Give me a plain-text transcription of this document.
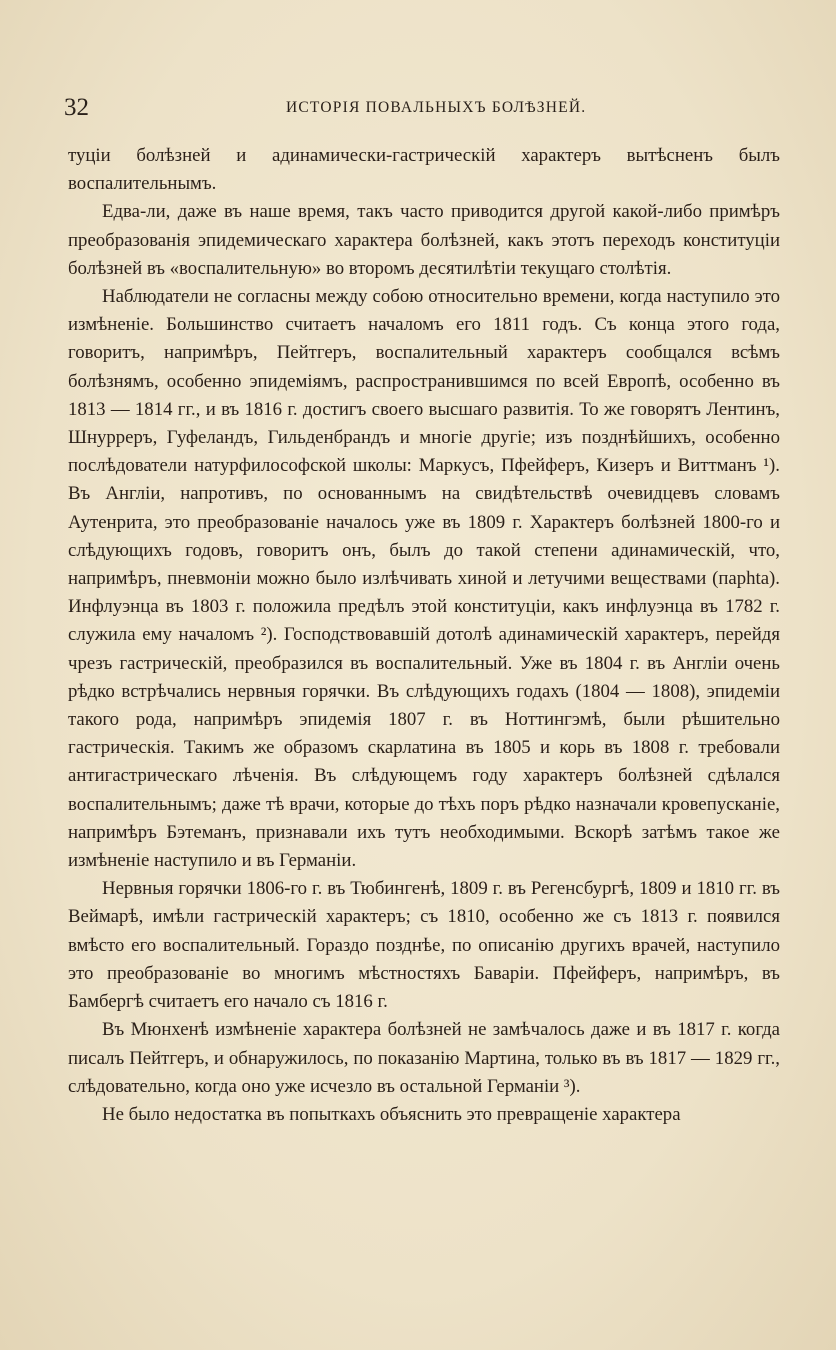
32	ИСТОРІЯ ПОВАЛЬНЫХЪ БОЛѢЗНЕЙ.

туціи болѣзней и адинамически-гастрическій характеръ вытѣсненъ былъ воспалительнымъ.

Едва-ли, даже въ наше время, такъ часто приводится другой какой-либо примѣръ преобразованія эпидемическаго характера болѣзней, какъ этотъ переходъ конституціи болѣзней въ «воспалительную» во второмъ десятилѣтіи текущаго столѣтія.

Наблюдатели не согласны между собою относительно времени, когда наступило это измѣненіе. Большинство считаетъ началомъ его 1811 годъ. Съ конца этого года, говоритъ, напримѣръ, Пейтгеръ, воспалительный характеръ сообщался всѣмъ болѣзнямъ, особенно эпидеміямъ, распространившимся по всей Европѣ, особенно въ 1813 — 1814 гг., и въ 1816 г. достигъ своего высшаго развитія. То же говорятъ Лентинъ, Шнуррeръ, Гуфеландъ, Гильденбрандъ и многіе другіе; изъ позднѣйшихъ, особенно послѣдователи натурфилософской школы: Маркусъ, Пфейферъ, Кизеръ и Виттманъ ¹). Въ Англіи, напротивъ, по основаннымъ на свидѣтельствѣ очевидцевъ словамъ Аутенрита, это преобразованіе началось уже въ 1809 г. Характеръ болѣзней 1800-го и слѣдующихъ годовъ, говоритъ онъ, былъ до такой степени адинамическій, что, напримѣръ, пневмоніи можно было излѣчивать хиной и летучими веществами (парhta). Инфлуэнца въ 1803 г. положила предѣлъ этой конституціи, какъ инфлуэнца въ 1782 г. служила ему началомъ ²). Господствовавшій дотолѣ адинамическій характеръ, перейдя чрезъ гастрическій, преобразился въ воспалительный. Уже въ 1804 г. въ Англіи очень рѣдко встрѣчались нервныя горячки. Въ слѣдующихъ годахъ (1804 — 1808), эпидеміи такого рода, напримѣръ эпидемія 1807 г. въ Ноттингэмѣ, были рѣшительно гастрическія. Такимъ же образомъ скарлатина въ 1805 и корь въ 1808 г. требовали антигастрическаго лѣченія. Въ слѣдующемъ году характеръ болѣзней сдѣлался воспалительнымъ; даже тѣ врачи, которые до тѣхъ поръ рѣдко назначали кровепусканіе, напримѣръ Бэтеманъ, признавали ихъ тутъ необходимыми. Вскорѣ затѣмъ такое же измѣненіе наступило и въ Германіи.

Нервныя горячки 1806-го г. въ Тюбингенѣ, 1809 г. въ Регенсбургѣ, 1809 и 1810 гг. въ Веймарѣ, имѣли гастрическій характеръ; съ 1810, особенно же съ 1813 г. появился вмѣсто его воспалительный. Гораздо позднѣе, по описанію другихъ врачей, наступило это преобразованіе во многимъ мѣстностяхъ Баваріи. Пфейферъ, напримѣръ, въ Бамбергѣ считаетъ его начало съ 1816 г.

Въ Мюнхенѣ измѣненіе характера болѣзней не замѣчалось даже и въ 1817 г. когда писалъ Пейтгеръ, и обнаружилось, по показанію Мартина, только въ въ 1817 — 1829 гг., слѣдовательно, когда оно уже исчезло въ остальной Германіи ³).

Не было недостатка въ попыткахъ объяснить это превращеніе характера
